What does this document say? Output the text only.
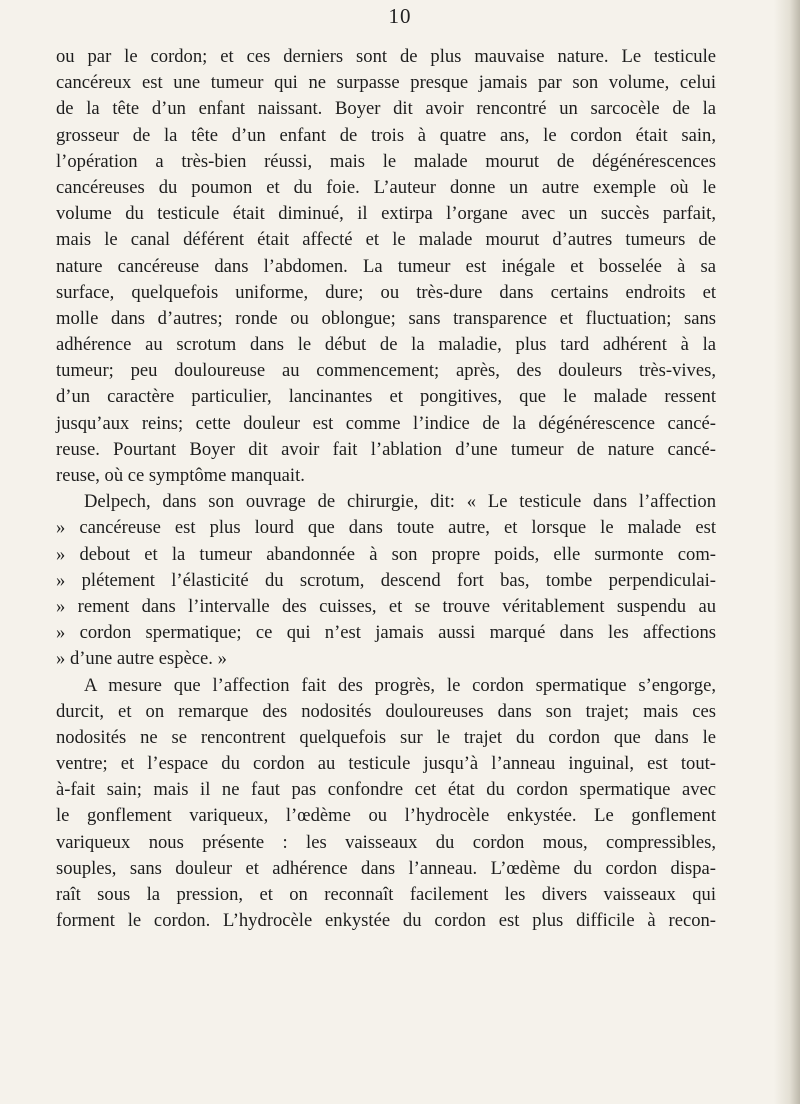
10
ou par le cordon; et ces derniers sont de plus mauvaise nature. Le testicule
cancéreux est une tumeur qui ne surpasse presque jamais par son volume, celui
de la tête d’un enfant naissant. Boyer dit avoir rencontré un sarcocèle de la
grosseur de la tête d’un enfant de trois à quatre ans, le cordon était sain,
l’opération a très-bien réussi, mais le malade mourut de dégénérescences
cancéreuses du poumon et du foie. L’auteur donne un autre exemple où le
volume du testicule était diminué, il extirpa l’organe avec un succès parfait,
mais le canal déférent était affecté et le malade mourut d’autres tumeurs de
nature cancéreuse dans l’abdomen. La tumeur est inégale et bosselée à sa
surface, quelquefois uniforme, dure; ou très-dure dans certains endroits et
molle dans d’autres; ronde ou oblongue; sans transparence et fluctuation; sans
adhérence au scrotum dans le début de la maladie, plus tard adhérent à la
tumeur; peu douloureuse au commencement; après, des douleurs très-vives,
d’un caractère particulier, lancinantes et pongitives, que le malade ressent
jusqu’aux reins; cette douleur est comme l’indice de la dégénérescence cancé-
reuse. Pourtant Boyer dit avoir fait l’ablation d’une tumeur de nature cancé-
reuse, où ce symptôme manquait.
Delpech, dans son ouvrage de chirurgie, dit: « Le testicule dans l’affection
» cancéreuse est plus lourd que dans toute autre, et lorsque le malade est
» debout et la tumeur abandonnée à son propre poids, elle surmonte com-
» plétement l’élasticité du scrotum, descend fort bas, tombe perpendiculai-
» rement dans l’intervalle des cuisses, et se trouve véritablement suspendu au
» cordon spermatique; ce qui n’est jamais aussi marqué dans les affections
» d’une autre espèce. »
A mesure que l’affection fait des progrès, le cordon spermatique s’engorge,
durcit, et on remarque des nodosités douloureuses dans son trajet; mais ces
nodosités ne se rencontrent quelquefois sur le trajet du cordon que dans le
ventre; et l’espace du cordon au testicule jusqu’à l’anneau inguinal, est tout-
à-fait sain; mais il ne faut pas confondre cet état du cordon spermatique avec
le gonflement variqueux, l’œdème ou l’hydrocèle enkystée. Le gonflement
variqueux nous présente : les vaisseaux du cordon mous, compressibles,
souples, sans douleur et adhérence dans l’anneau. L’œdème du cordon dispa-
raît sous la pression, et on reconnaît facilement les divers vaisseaux qui
forment le cordon. L’hydrocèle enkystée du cordon est plus difficile à recon-
